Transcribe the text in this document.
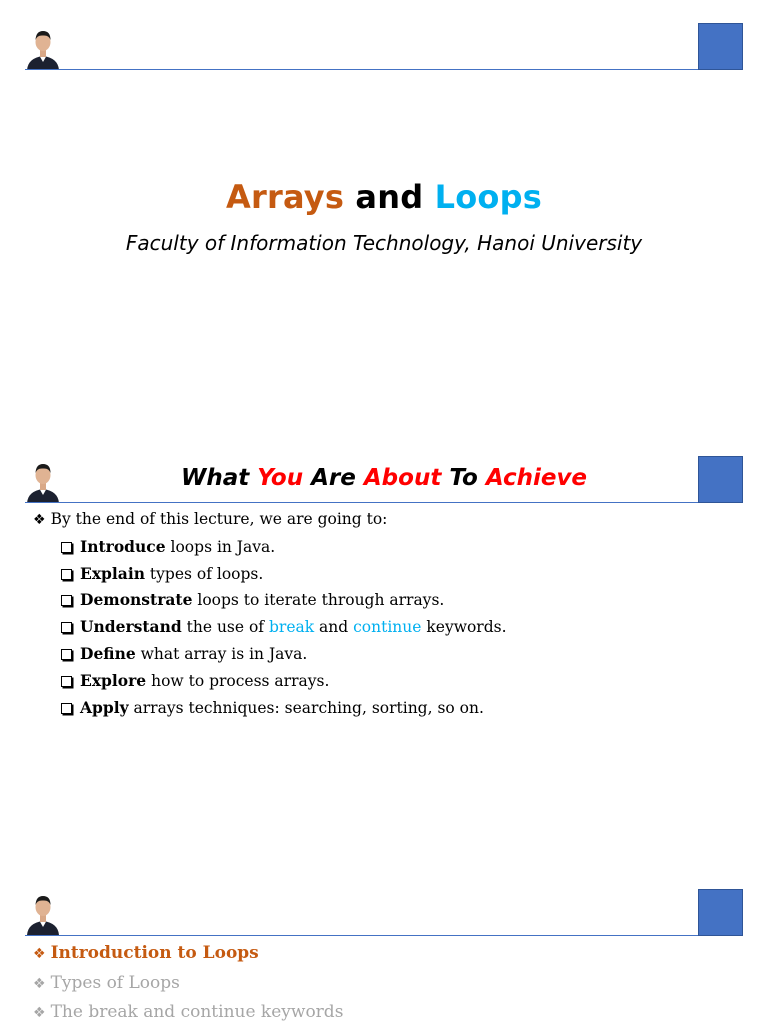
Arrays and Loops
Faculty of Information Technology, Hanoi University
What You Are About To Achieve
❖ By the end of this lecture, we are going to:
Introduce loops in Java.
Explain types of loops.
Demonstrate loops to iterate through arrays.
Understand the use of break and continue keywords.
Define what array is in Java.
Explore how to process arrays.
Apply arrays techniques: searching, sorting, so on.
❖ Introduction to Loops
❖ Types of Loops
❖ The break and continue keywords
